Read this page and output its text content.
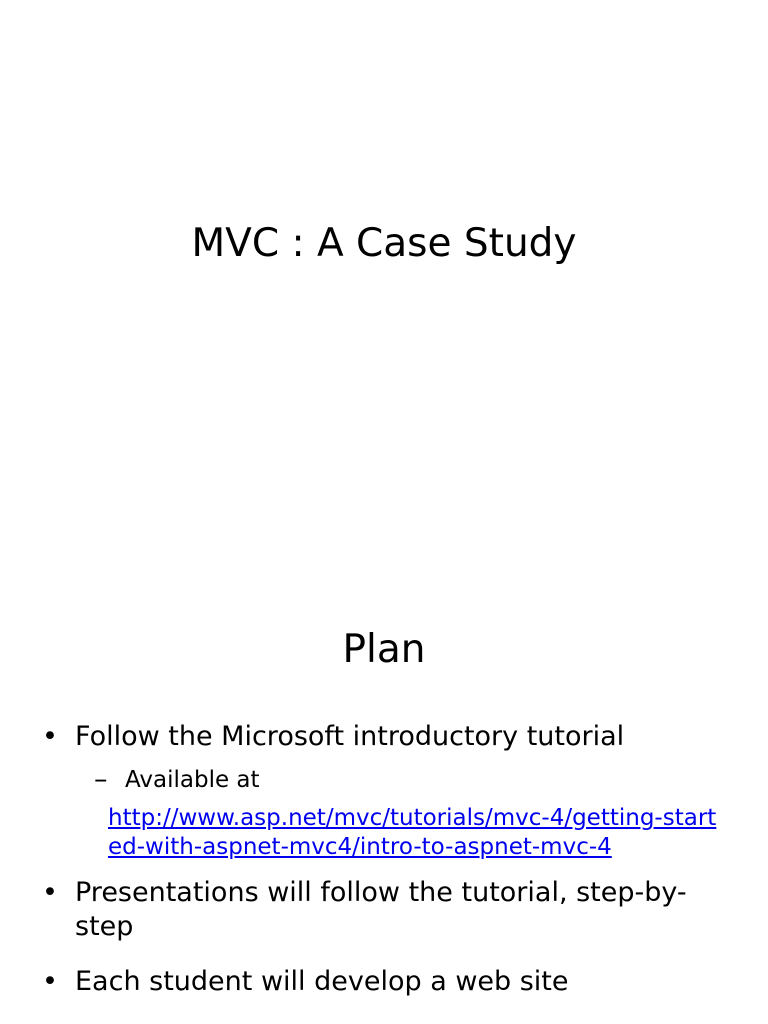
MVC : A Case Study
Plan
• Follow the Microsoft introductory tutorial
– Available at
http://www.asp.net/mvc/tutorials/mvc-4/getting-started-with-aspnet-mvc4/intro-to-aspnet-mvc-4
• Presentations will follow the tutorial, step-by-step
• Each student will develop a web site
